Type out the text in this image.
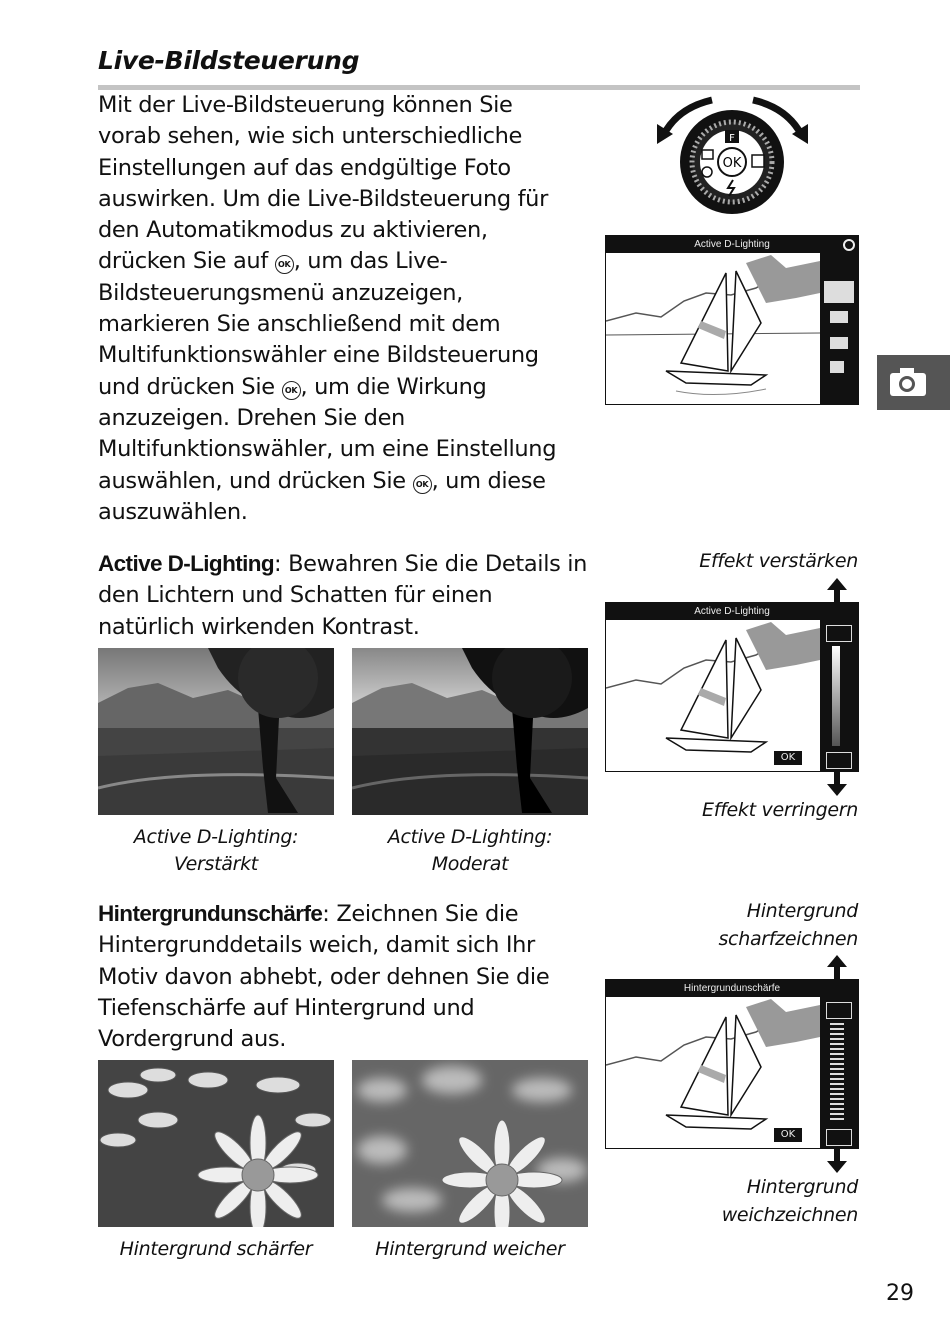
Live-Bildsteuerung
Mit der Live-Bildsteuerung können Sie
vorab sehen, wie sich unterschiedliche
Einstellungen auf das endgültige Foto
auswirken. Um die Live-Bildsteuerung für
den Automatikmodus zu aktivieren,
drücken Sie auf OK , um das Live-
Bildsteuerungsmenü anzuzeigen,
markieren Sie anschließend mit dem
Multifunktionswähler eine Bildsteuerung
und drücken Sie OK , um die Wirkung
anzuzeigen. Drehen Sie den
Multifunktionswähler, um eine Einstellung
auswählen, und drücken Sie OK , um diese
auszuwählen.
OK
F
Active D-Lighting
Active D-Lighting: Bewahren Sie die Details in
den Lichtern und Schatten für einen
natürlich wirkenden Kontrast.
Active D-Lighting:
Verstärkt
Active D-Lighting:
Moderat
Effekt verstärken
Active D-Lighting
OK
Effekt verringern
Hintergrundunschärfe: Zeichnen Sie die
Hintergrunddetails weich, damit sich Ihr
Motiv davon abhebt, oder dehnen Sie die
Tiefenschärfe auf Hintergrund und
Vordergrund aus.
Hintergrund schärfer	Hintergrund weicher
Hintergrund
scharfzeichnen
Hintergrundunschärfe
OK
Hintergrund
weichzeichnen
29
